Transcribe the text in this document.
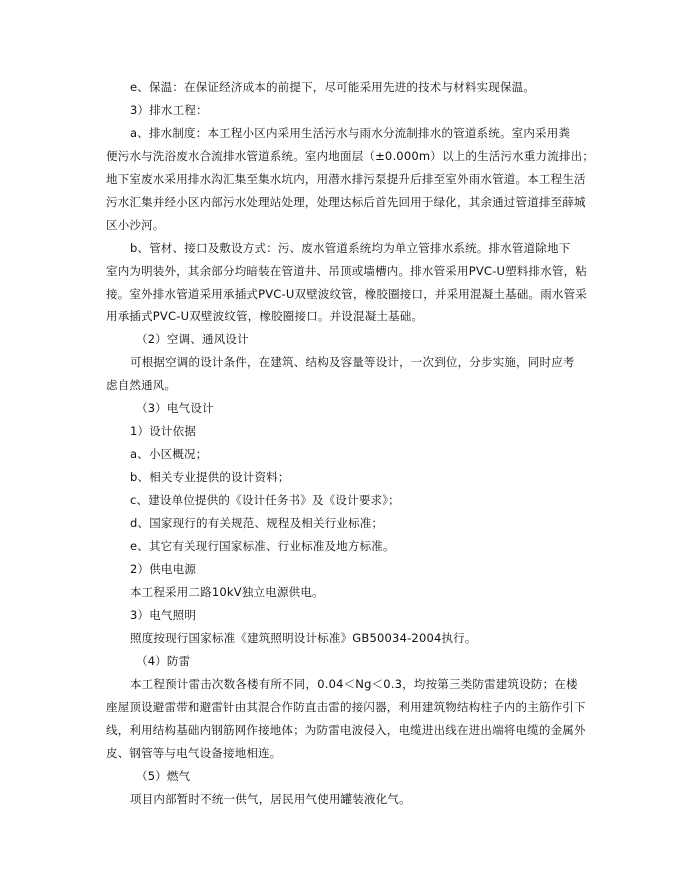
e、保温：在保证经济成本的前提下，尽可能采用先进的技术与材料实现保温。
3）排水工程：
a、排水制度：本工程小区内采用生活污水与雨水分流制排水的管道系统。室内采用粪
便污水与洗浴废水合流排水管道系统。室内地面层（±0.000m）以上的生活污水重力流排出；
地下室废水采用排水沟汇集至集水坑内，用潜水排污泵提升后排至室外雨水管道。本工程生活
污水汇集并经小区内部污水处理站处理，处理达标后首先回用于绿化，其余通过管道排至薛城
区小沙河。
b、管材、接口及敷设方式：污、废水管道系统均为单立管排水系统。排水管道除地下
室内为明装外，其余部分均暗装在管道井、吊顶或墙槽内。排水管采用PVC-U塑料排水管，粘
接。室外排水管道采用承插式PVC-U双壁波纹管，橡胶圈接口，并采用混凝土基础。雨水管采
用承插式PVC-U双壁波纹管，橡胶圈接口。并设混凝土基础。
（2）空调、通风设计
可根据空调的设计条件，在建筑、结构及容量等设计，一次到位，分步实施，同时应考
虑自然通风。
（3）电气设计
1）设计依据
a、小区概况；
b、相关专业提供的设计资料；
c、建设单位提供的《设计任务书》及《设计要求》；
d、国家现行的有关规范、规程及相关行业标准；
e、其它有关现行国家标准、行业标准及地方标准。
2）供电电源
本工程采用二路10kV独立电源供电。
3）电气照明
照度按现行国家标准《建筑照明设计标准》GB50034-2004执行。
（4）防雷
本工程预计雷击次数各楼有所不同，0.04＜Ng＜0.3，均按第三类防雷建筑设防；在楼
座屋顶设避雷带和避雷针由其混合作防直击雷的接闪器，利用建筑物结构柱子内的主筋作引下
线，利用结构基础内钢筋网作接地体；为防雷电波侵入，电缆进出线在进出端将电缆的金属外
皮、钢管等与电气设备接地相连。
（5）燃气
项目内部暂时不统一供气，居民用气使用罐装液化气。
